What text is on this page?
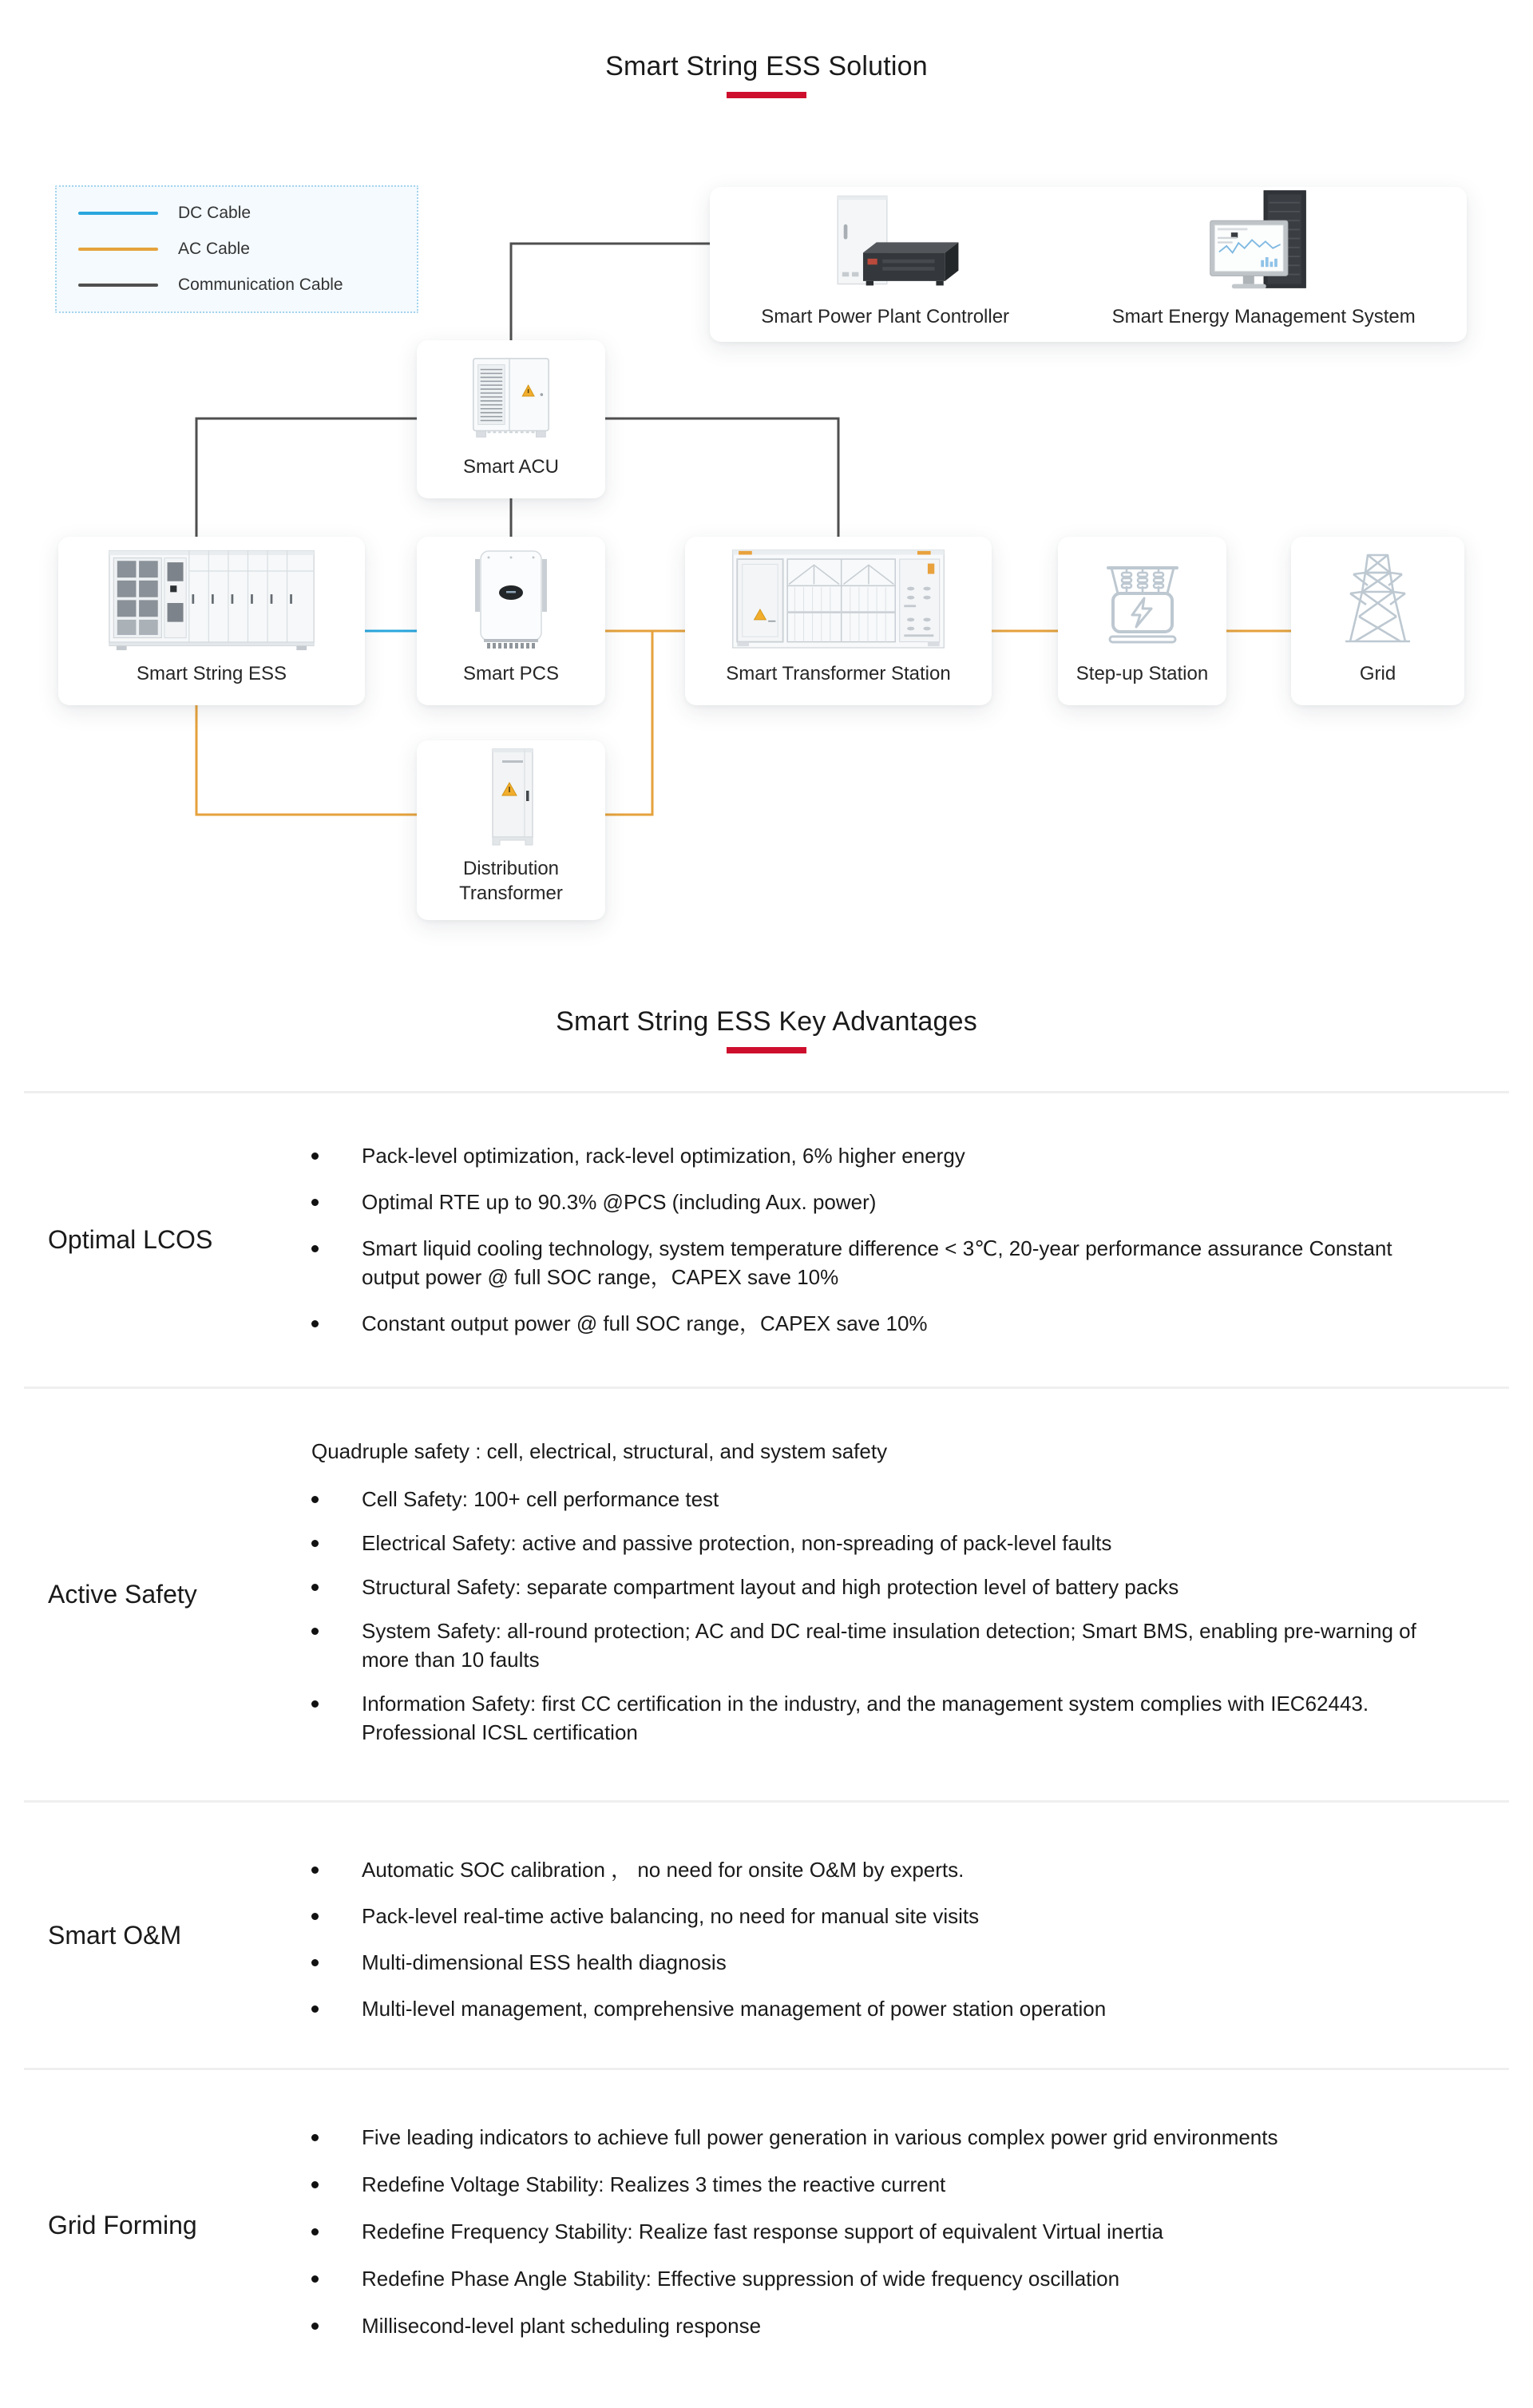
Smart String ESS Solution
DC Cable
AC Cable
Communication Cable
Smart Power Plant Controller	Smart Energy Management System
Smart ACU
Smart String ESS	Smart PCS	Smart Transformer Station	Step-up Station	Grid
Distribution Transformer
Smart String ESS Key Advantages
Optimal LCOS
Pack-level optimization, rack-level optimization, 6% higher energy
Optimal RTE up to 90.3% @PCS (including Aux. power)
Smart liquid cooling technology, system temperature difference < 3℃, 20-year performance assurance Constant output power @ full SOC range，CAPEX save 10%
Constant output power @ full SOC range，CAPEX save 10%
Active Safety

Quadruple safety : cell, electrical, structural, and system safety

Cell Safety: 100+ cell performance test
Electrical Safety: active and passive protection, non-spreading of pack-level faults
Structural Safety: separate compartment layout and high protection level of battery packs
System Safety: all-round protection; AC and DC real-time insulation detection; Smart BMS, enabling pre-warning of more than 10 faults
Information Safety: first CC certification in the industry, and the management system complies with IEC62443. Professional ICSL certification
Smart O&M
Automatic SOC calibration ， no need for onsite O&M by experts.
Pack-level real-time active balancing, no need for manual site visits
Multi-dimensional ESS health diagnosis
Multi-level management, comprehensive management of power station operation
Grid Forming
Five leading indicators to achieve full power generation in various complex power grid environments
Redefine Voltage Stability: Realizes 3 times the reactive current
Redefine Frequency Stability: Realize fast response support of equivalent Virtual inertia
Redefine Phase Angle Stability: Effective suppression of wide frequency oscillation
Millisecond-level plant scheduling response
